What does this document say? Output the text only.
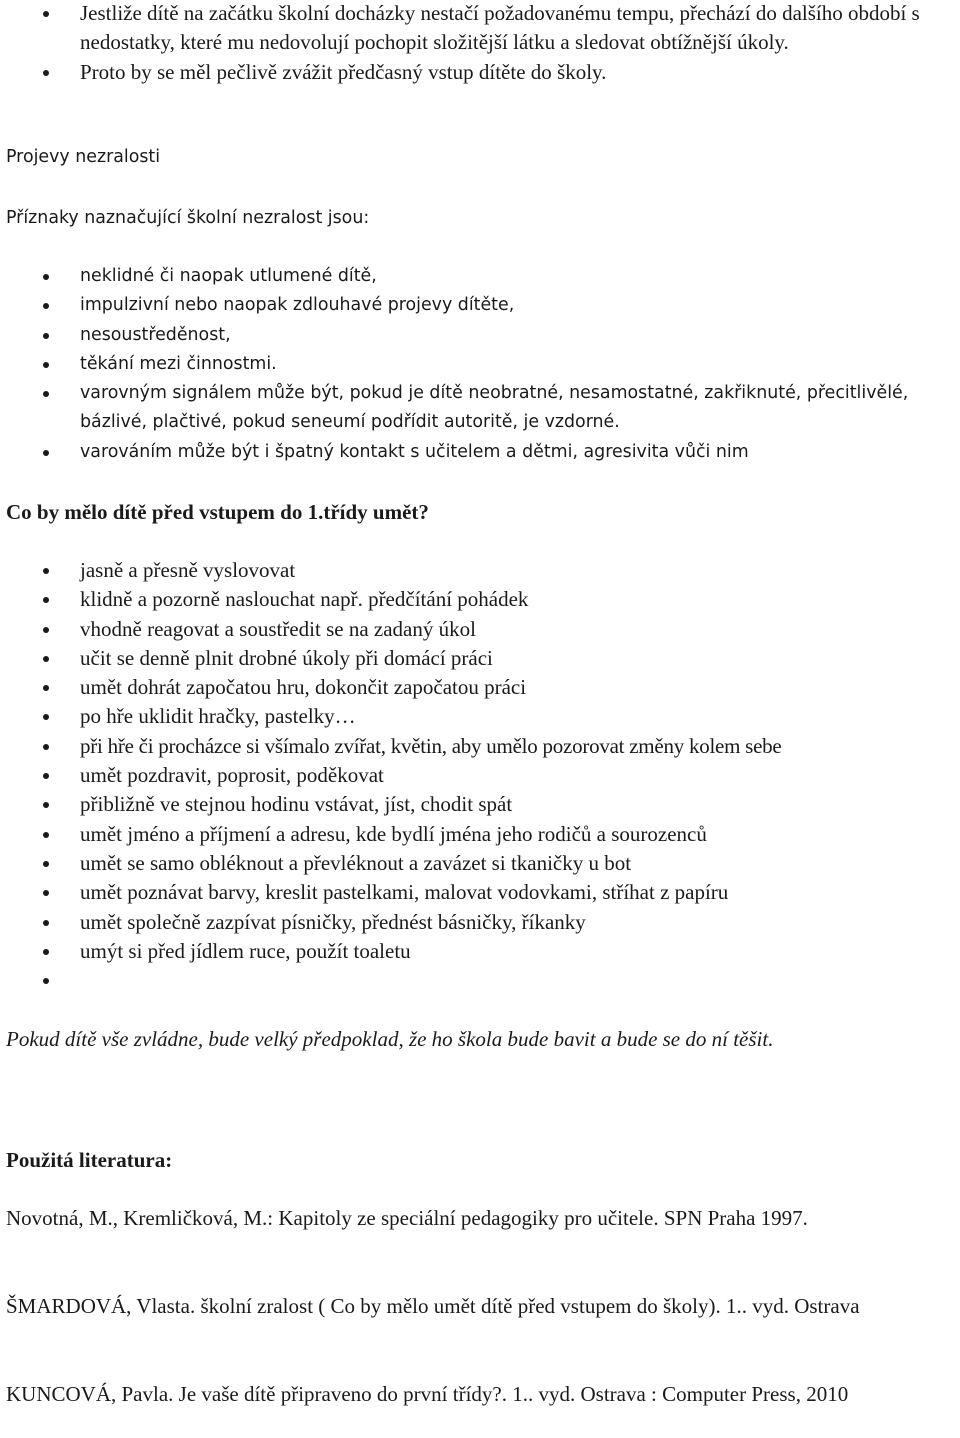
Jestliže dítě na začátku školní docházky nestačí požadovanému tempu, přechází do dalšího období s nedostatky, které mu nedovolují pochopit složitější látku a sledovat obtížnější úkoly.
Proto by se měl pečlivě zvážit předčasný vstup dítěte do školy.
Projevy nezralosti
Příznaky naznačující školní nezralost jsou:
neklidné či naopak utlumené dítě,
impulzivní nebo naopak zdlouhavé projevy dítěte,
nesoustředěnost,
těkání mezi činnostmi.
varovným signálem může být, pokud je dítě neobratné, nesamostatné, zakřiknuté, přecitlivělé, bázlivé, plačtivé, pokud seneumí podřídit autoritě, je vzdorné.
varováním může být i špatný kontakt s učitelem a dětmi, agresivita vůči nim
Co by mělo dítě před vstupem do 1.třídy umět?
jasně a přesně vyslovovat
klidně a pozorně naslouchat např. předčítání pohádek
vhodně reagovat a soustředit se na zadaný úkol
učit se denně plnit drobné úkoly při domácí práci
umět dohrát započatou hru, dokončit započatou práci
po hře uklidit hračky, pastelky…
při hře či procházce si všímalo zvířat, květin, aby umělo pozorovat změny kolem sebe
umět pozdravit, poprosit, poděkovat
přibližně ve stejnou hodinu vstávat, jíst, chodit spát
umět jméno a příjmení a adresu, kde bydlí jména jeho rodičů a sourozenců
umět se samo obléknout a převléknout a zavázet si tkaničky u bot
umět poznávat barvy, kreslit pastelkami, malovat vodovkami, stříhat z papíru
umět společně zazpívat písničky, přednést básničky, říkanky
umýt si před jídlem ruce, použít toaletu
Pokud dítě vše zvládne, bude velký předpoklad, že ho škola bude bavit a bude se do ní těšit.
Použitá literatura:
Novotná, M., Kremličková, M.: Kapitoly ze speciální pedagogiky pro učitele. SPN Praha 1997.
ŠMARDOVÁ, Vlasta. školní zralost ( Co by mělo umět dítě před vstupem do školy). 1.. vyd. Ostrava
KUNCOVÁ, Pavla. Je vaše dítě připraveno do první třídy?. 1.. vyd. Ostrava : Computer Press, 2010
